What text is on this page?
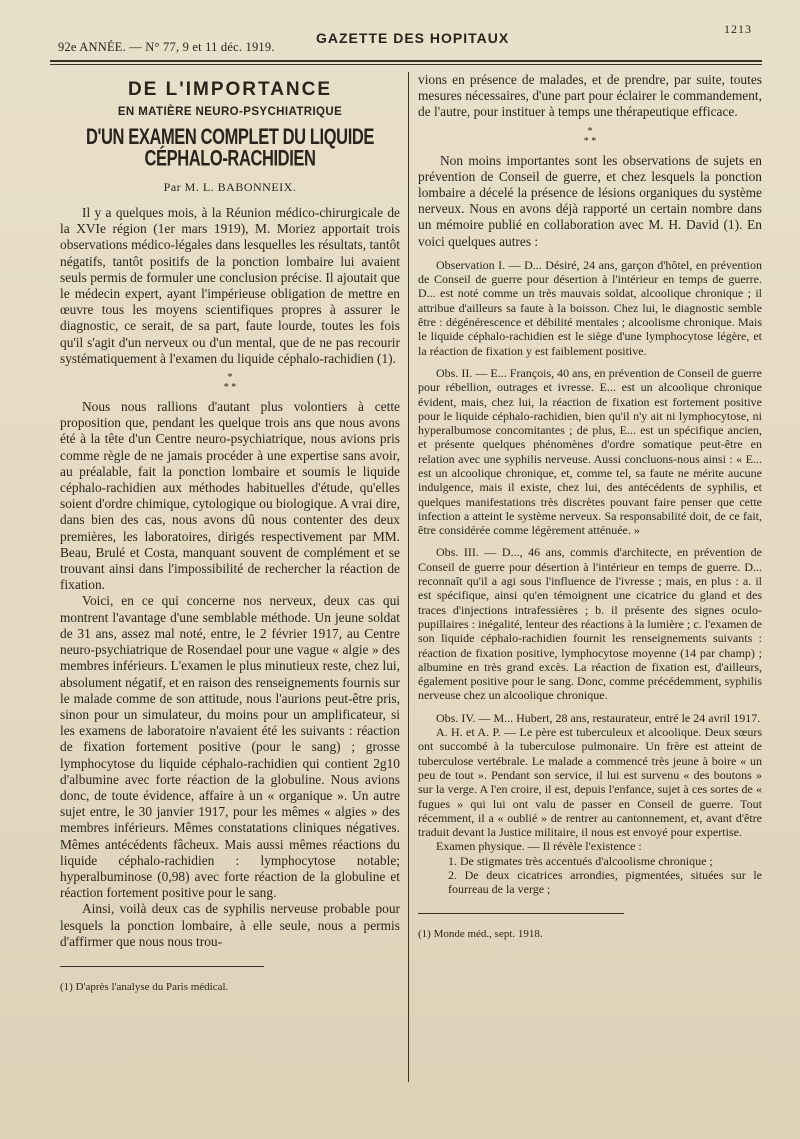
92e ANNÉE. — N° 77, 9 et 11 déc. 1919.
GAZETTE DES HOPITAUX
1213
DE L'IMPORTANCE
EN MATIÈRE NEURO-PSYCHIATRIQUE
D'UN EXAMEN COMPLET DU LIQUIDE CÉPHALO-RACHIDIEN
Par M. L. BABONNEIX.

Il y a quelques mois, à la Réunion médico-chirurgicale de la XVIe région (1er mars 1919), M. Moriez apportait trois observations médico-légales dans lesquelles les résultats, tantôt négatifs, tantôt positifs de la ponction lombaire lui avaient seuls permis de formuler une conclusion précise. Il ajoutait que le médecin expert, ayant l'impérieuse obligation de mettre en œuvre tous les moyens scientifiques propres à assurer le diagnostic, ce serait, de sa part, faute lourde, toutes les fois qu'il s'agit d'un nerveux ou d'un mental, que de ne pas recourir systématiquement à l'examen du liquide céphalo-rachidien (1).

*
* *

Nous nous rallions d'autant plus volontiers à cette proposition que, pendant les quelque trois ans que nous avons été à la tête d'un Centre neuro-psychiatrique, nous avions pris comme règle de ne jamais procéder à une expertise sans avoir, au préalable, fait la ponction lombaire et soumis le liquide céphalo-rachidien aux méthodes habituelles d'étude, qu'elles soient d'ordre chimique, cytologique ou biologique. A vrai dire, dans bien des cas, nous avons dû nous contenter des deux premières, les laboratoires, dirigés respectivement par MM. Beau, Brulé et Costa, manquant souvent de complément et se trouvant ainsi dans l'impossibilité de rechercher la réaction de fixation.

Voici, en ce qui concerne nos nerveux, deux cas qui montrent l'avantage d'une semblable méthode. Un jeune soldat de 31 ans, assez mal noté, entre, le 2 février 1917, au Centre neuro-psychiatrique de Rosendael pour une vague « algie » des membres inférieurs. L'examen le plus minutieux reste, chez lui, absolument négatif, et en raison des renseignements fournis sur le malade comme de son attitude, nous l'aurions peut-être pris, sinon pour un simulateur, du moins pour un amplificateur, si les examens de laboratoire n'avaient été les suivants : réaction de fixation fortement positive (pour le sang) ; grosse lymphocytose du liquide céphalo-rachidien qui contient 2g10 d'albumine avec forte réaction de la globuline. Nous avions donc, de toute évidence, affaire à un « organique ». Un autre sujet entre, le 30 janvier 1917, pour les mêmes « algies » des membres inférieurs. Mêmes constatations cliniques négatives. Mêmes antécédents fâcheux. Mais aussi mêmes réactions du liquide céphalo-rachidien : lymphocytose notable; hyperalbuminose (0,98) avec forte réaction de la globuline et réaction fortement positive pour le sang.

Ainsi, voilà deux cas de syphilis nerveuse probable pour lesquels la ponction lombaire, à elle seule, nous a permis d'affirmer que nous nous trou-

(1) D'après l'analyse du Paris médical.

vions en présence de malades, et de prendre, par suite, toutes mesures nécessaires, d'une part pour éclairer le commandement, de l'autre, pour instituer à temps une thérapeutique efficace.

*
* *

Non moins importantes sont les observations de sujets en prévention de Conseil de guerre, et chez lesquels la ponction lombaire a décelé la présence de lésions organiques du système nerveux. Nous en avons déjà rapporté un certain nombre dans un mémoire publié en collaboration avec M. H. David (1). En voici quelques autres :

Observation I. — D... Désiré, 24 ans, garçon d'hôtel, en prévention de Conseil de guerre pour désertion à l'intérieur en temps de guerre. D... est noté comme un très mauvais soldat, alcoolique chronique ; il attribue d'ailleurs sa faute à la boisson. Chez lui, le diagnostic semble être : dégénérescence et débilité mentales ; alcoolisme chronique. Mais le liquide céphalo-rachidien est le siège d'une lymphocytose légère, et la réaction de fixation y est faiblement positive.

Obs. II. — E... François, 40 ans, en prévention de Conseil de guerre pour rébellion, outrages et ivresse. E... est un alcoolique chronique évident, mais, chez lui, la réaction de fixation est fortement positive pour le liquide céphalo-rachidien, bien qu'il n'y ait ni lymphocytose, ni hyperalbumose concomitantes ; de plus, E... est un spécifique ancien, et présente quelques phénomènes d'ordre somatique peut-être en relation avec une syphilis nerveuse. Aussi concluons-nous ainsi : « E... est un alcoolique chronique, et, comme tel, sa faute ne mérite aucune indulgence, mais il existe, chez lui, des antécédents de syphilis, et quelques manifestations très discrètes pouvant faire penser que cette infection a atteint le système nerveux. Sa responsabilité doit, de ce fait, être considérée comme légèrement atténuée. »

Obs. III. — D..., 46 ans, commis d'architecte, en prévention de Conseil de guerre pour désertion à l'intérieur en temps de guerre. D... reconnaît qu'il a agi sous l'influence de l'ivresse ; mais, en plus : a. il est spécifique, ainsi qu'en témoignent une cicatrice du gland et des traces d'injections intrafessières ; b. il présente des signes oculo-pupillaires : inégalité, lenteur des réactions à la lumière ; c. l'examen de son liquide céphalo-rachidien fournit les renseignements suivants : réaction de fixation positive, lymphocytose moyenne (14 par champ) ; albumine en très grand excès. La réaction de fixation est, d'ailleurs, également positive pour le sang. Donc, comme précédemment, syphilis nerveuse chez un alcoolique chronique.

Obs. IV. — M... Hubert, 28 ans, restaurateur, entré le 24 avril 1917.

A. H. et A. P. — Le père est tuberculeux et alcoolique. Deux sœurs ont succombé à la tuberculose pulmonaire. Un frère est atteint de tuberculose vertébrale. Le malade a commencé très jeune à boire « un peu de tout ». Pendant son service, il lui est survenu « des boutons » sur la verge. A l'en croire, il est, depuis l'enfance, sujet à ces sortes de « fugues » qui lui ont valu de passer en Conseil de guerre. Tout récemment, il a « oublié » de rentrer au cantonnement, et, avant d'être traduit devant la Justice militaire, il nous est envoyé pour expertise.

Examen physique. — Il révèle l'existence :

1. De stigmates très accentués d'alcoolisme chronique ;
2. De deux cicatrices arrondies, pigmentées, situées sur le fourreau de la verge ;
(1) Monde méd., sept. 1918.
